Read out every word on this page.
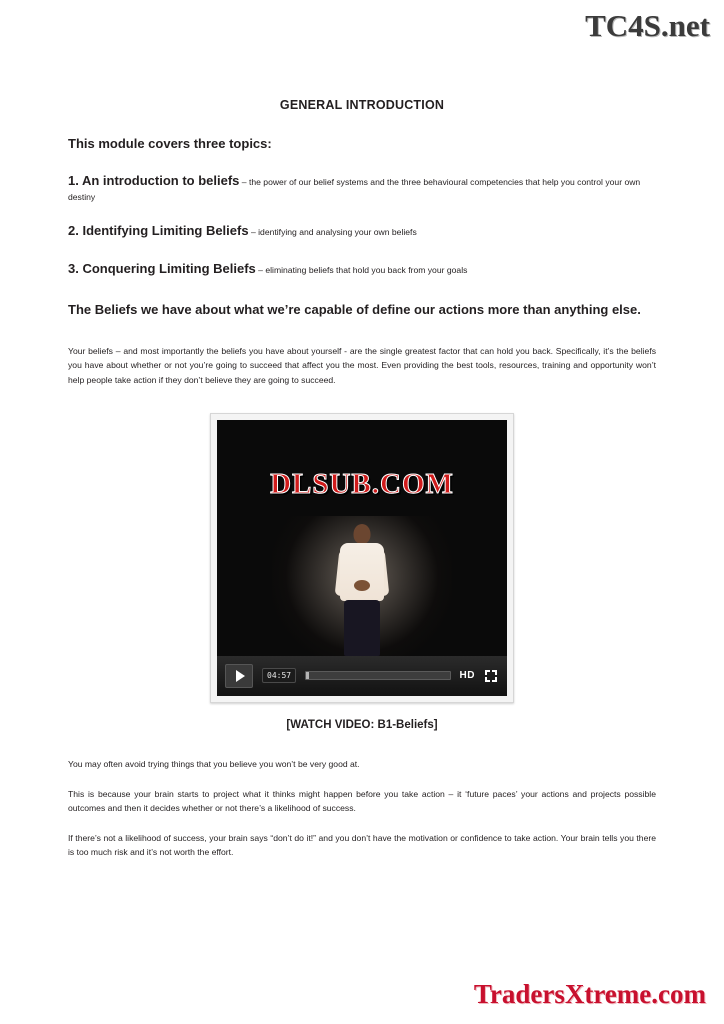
TC4S.net
GENERAL INTRODUCTION
This module covers three topics:
1. An introduction to beliefs – the power of our belief systems and the three behavioural competencies that help you control your own destiny
2. Identifying Limiting Beliefs – identifying and analysing your own beliefs
3. Conquering Limiting Beliefs – eliminating beliefs that hold you back from your goals
The Beliefs we have about what we’re capable of define our actions more than anything else.

Your beliefs – and most importantly the beliefs you have about yourself - are the single greatest factor that can hold you back. Specifically, it’s the beliefs you have about whether or not you’re going to succeed that affect you the most. Even providing the best tools, resources, training and opportunity won’t help people take action if they don’t believe they are going to succeed.

DLSUB.COM
04:57	HD
[WATCH VIDEO: B1-Beliefs]

You may often avoid trying things that you believe you won’t be very good at.

This is because your brain starts to project what it thinks might happen before you take action – it ‘future paces’ your actions and projects possible outcomes and then it decides whether or not there’s a likelihood of success.

If there’s not a likelihood of success, your brain says “don’t do it!” and you don’t have the motivation or confidence to take action. Your brain tells you there is too much risk and it’s not worth the effort.

TradersXtreme.com
